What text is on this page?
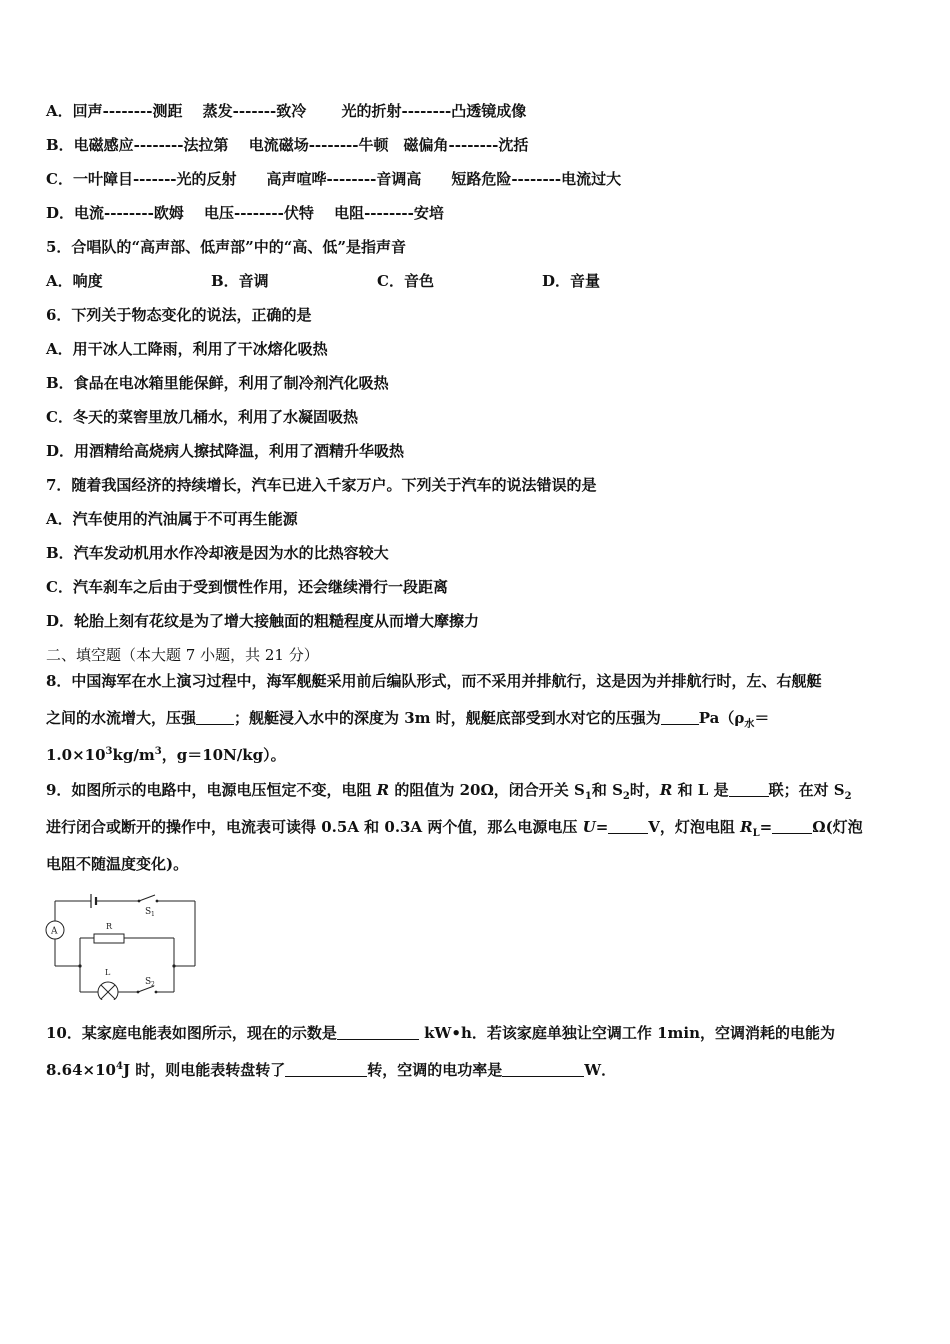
A．回声--------测距　 蒸发-------致冷　 　光的折射--------凸透镜成像
B．电磁感应--------法拉第　 电流磁场--------牛顿　磁偏角--------沈括
C．一叶障目-------光的反射　　高声喧哗--------音调高　　短路危险--------电流过大
D．电流--------欧姆　 电压--------伏特　 电阻--------安培
5．合唱队的“高声部、低声部”中的“高、低”是指声音
A．响度	B．音调	C．音色	D．音量
6．下列关于物态变化的说法，正确的是
A．用干冰人工降雨，利用了干冰熔化吸热
B．食品在电冰箱里能保鲜，利用了制冷剂汽化吸热
C．冬天的菜窖里放几桶水，利用了水凝固吸热
D．用酒精给高烧病人擦拭降温，利用了酒精升华吸热
7．随着我国经济的持续增长，汽车已进入千家万户。下列关于汽车的说法错误的是
A．汽车使用的汽油属于不可再生能源
B．汽车发动机用水作冷却液是因为水的比热容较大
C．汽车刹车之后由于受到惯性作用，还会继续滑行一段距离
D．轮胎上刻有花纹是为了增大接触面的粗糙程度从而增大摩擦力
二、填空题（本大题 7 小题，共 21 分）
8．中国海军在水上演习过程中，海军舰艇采用前后编队形式，而不采用并排航行，这是因为并排航行时，左、右舰艇
之间的水流增大，压强	；舰艇浸入水中的深度为 3m 时，舰艇底部受到水对它的压强为	$Pa(\rho_水=$
$1.0\times 10^3kg/m^3$，g＝10N/kg）。
9．如图所示的电路中，电源电压恒定不变，电阻 R 的阻值为 20Ω，闭合开关 $S_1$和 $S_2$时，R 和 L 是	联；在对 $S_2$
进行闭合或断开的操作中，电流表可读得 0.5A 和 0.3A 两个值，那么电源电压 U=	V，灯泡电阻 $R_L=$	Ω(灯泡
电阻不随温度变化)。
A
S 1
R
L
S 2
10．某家庭电能表如图所示，现在的示数是	kW•h．若该家庭单独让空调工作 1min，空调消耗的电能为
$8.64\times 10^4J$ 时，则电能表转盘转了	转，空调的电功率是	W．
